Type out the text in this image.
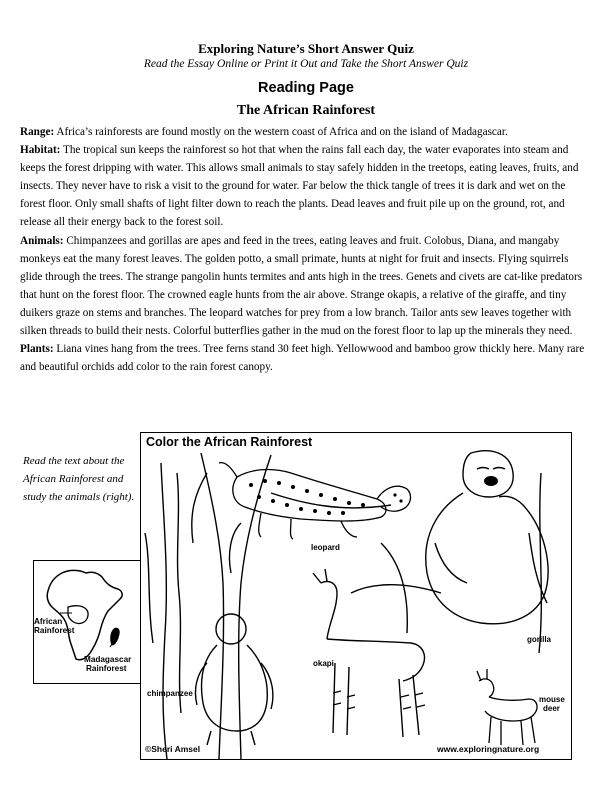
Exploring Nature’s Short Answer Quiz
Read the Essay Online or Print it Out and Take the Short Answer Quiz
Reading Page
The African Rainforest

Range: Africa’s rainforests are found mostly on the western coast of Africa and on the island of Madagascar.

Habitat: The tropical sun keeps the rainforest so hot that when the rains fall each day, the water evaporates into steam and keeps the forest dripping with water. This allows small animals to stay safely hidden in the treetops, eating leaves, fruits, and insects. They never have to risk a visit to the ground for water. Far below the thick tangle of trees it is dark and wet on the forest floor. Only small shafts of light filter down to reach the plants. Dead leaves and fruit pile up on the ground, rot, and release all their energy back to the forest soil.

Animals: Chimpanzees and gorillas are apes and feed in the trees, eating leaves and fruit. Colobus, Diana, and mangaby monkeys eat the many forest leaves. The golden potto, a small primate, hunts at night for fruit and insects. Flying squirrels glide through the trees. The strange pangolin hunts termites and ants high in the trees. Genets and civets are cat-like predators that hunt on the forest floor. The crowned eagle hunts from the air above. Strange okapis, a relative of the giraffe, and tiny duikers graze on stems and branches. The leopard watches for prey from a low branch. Tailor ants sew leaves together with silken threads to build their nests. Colorful butterflies gather in the mud on the forest floor to lap up the minerals they need.

Plants: Liana vines hang from the trees. Tree ferns stand 30 feet high. Yellowwood and bamboo grow thickly here. Many rare and beautiful orchids add color to the rain forest canopy.

Read the text about the African Rainforest and study the animals (right).
African
Rainforest
Madagascar
Rainforest
Color the African Rainforest
leopard
gorilla
okapi
chimpanzee
mouse
deer
©Sheri Amsel	www.exploringnature.org
